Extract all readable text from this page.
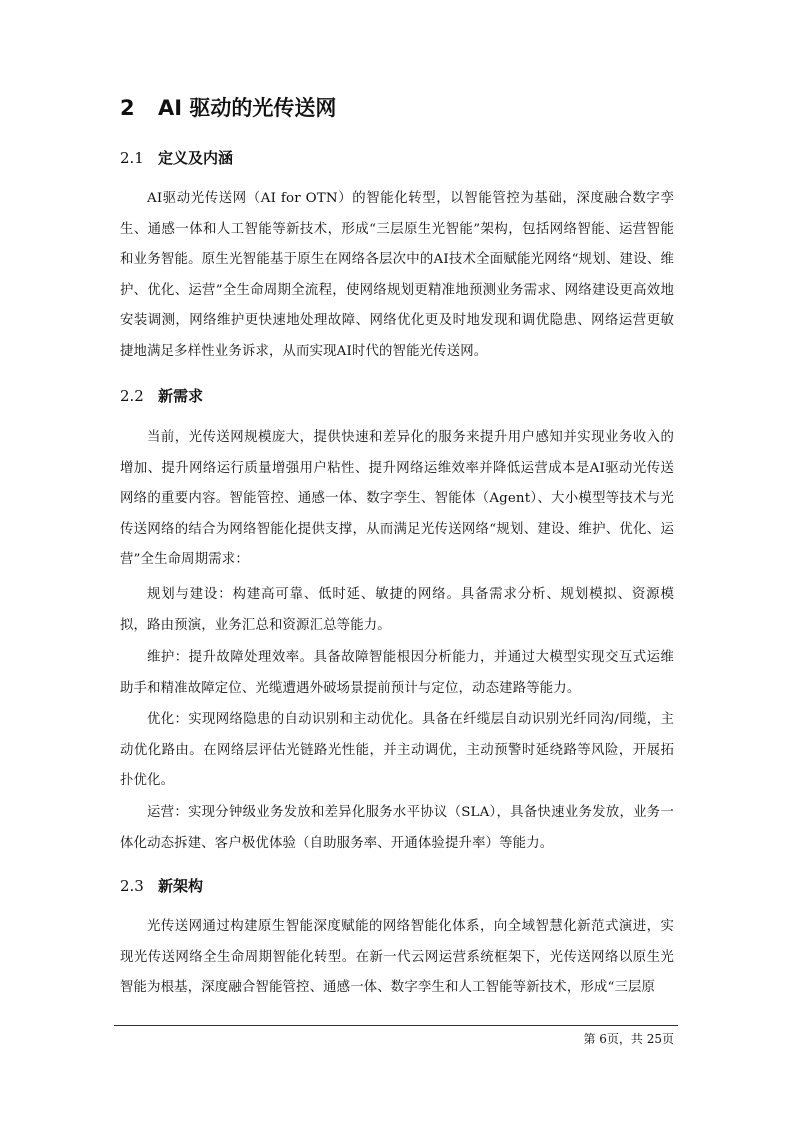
2 AI 驱动的光传送网
2.1 定义及内涵

AI驱动光传送网（AI for OTN）的智能化转型，以智能管控为基础，深度融合数字孪生、通感一体和人工智能等新技术，形成“三层原生光智能”架构，包括网络智能、运营智能和业务智能。原生光智能基于原生在网络各层次中的AI技术全面赋能光网络“规划、建设、维护、优化、运营”全生命周期全流程，使网络规划更精准地预测业务需求、网络建设更高效地安装调测，网络维护更快速地处理故障、网络优化更及时地发现和调优隐患、网络运营更敏捷地满足多样性业务诉求，从而实现AI时代的智能光传送网。

2.2 新需求

当前，光传送网规模庞大，提供快速和差异化的服务来提升用户感知并实现业务收入的增加、提升网络运行质量增强用户粘性、提升网络运维效率并降低运营成本是AI驱动光传送网络的重要内容。智能管控、通感一体、数字孪生、智能体（Agent）、大小模型等技术与光传送网络的结合为网络智能化提供支撑，从而满足光传送网络“规划、建设、维护、优化、运营”全生命周期需求：

规划与建设：构建高可靠、低时延、敏捷的网络。具备需求分析、规划模拟、资源模拟，路由预演，业务汇总和资源汇总等能力。

维护：提升故障处理效率。具备故障智能根因分析能力，并通过大模型实现交互式运维助手和精准故障定位、光缆遭遇外破场景提前预计与定位，动态建路等能力。

优化：实现网络隐患的自动识别和主动优化。具备在纤缆层自动识别光纤同沟/同缆，主动优化路由。在网络层评估光链路光性能，并主动调优，主动预警时延绕路等风险，开展拓扑优化。

运营：实现分钟级业务发放和差异化服务水平协议（SLA），具备快速业务发放，业务一体化动态拆建、客户极优体验（自助服务率、开通体验提升率）等能力。

2.3 新架构

光传送网通过构建原生智能深度赋能的网络智能化体系，向全域智慧化新范式演进，实现光传送网络全生命周期智能化转型。在新一代云网运营系统框架下，光传送网络以原生光智能为根基，深度融合智能管控、通感一体、数字孪生和人工智能等新技术，形成“三层原

第 6页，共 25页
